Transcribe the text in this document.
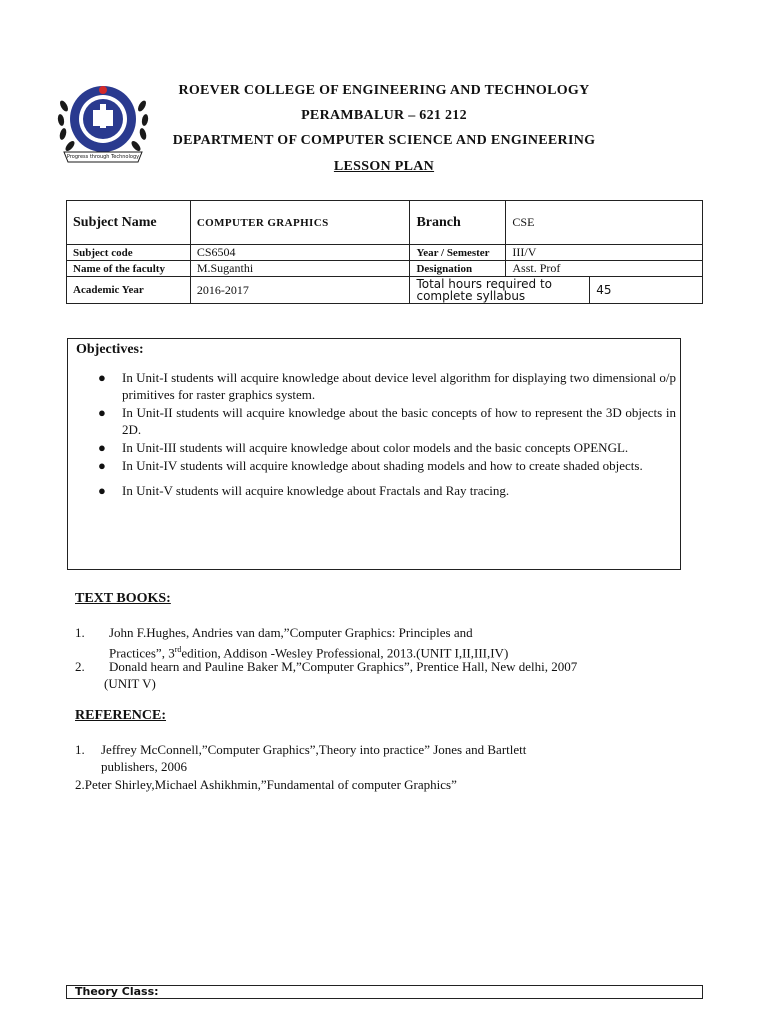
Progress through Technology
ROEVER COLLEGE OF ENGINEERING AND TECHNOLOGY
PERAMBALUR – 621 212
DEPARTMENT OF COMPUTER SCIENCE AND ENGINEERING
LESSON PLAN
Subject Name	COMPUTER GRAPHICS	Branch	CSE	
Subject code	CS6504	Year / Semester	III/V	
Name of the faculty	M.Suganthi	Designation	Asst. Prof	
Academic Year	2016-2017	Total hours required to complete syllabus		45
Objectives:
● In Unit-I students will acquire knowledge about device level algorithm for displaying two dimensional o/p primitives for raster graphics system.
● In Unit-II students will acquire knowledge about the basic concepts of how to represent the 3D objects in 2D.
● In Unit-III students will acquire knowledge about color models and the basic concepts OPENGL.
● In Unit-IV students will acquire knowledge about shading models and how to create shaded objects.
● In Unit-V students will acquire knowledge about Fractals and Ray tracing.
TEXT BOOKS:
1. John F.Hughes, Andries van dam,”Computer Graphics: Principles and
Practices”, 3rdedition, Addison -Wesley Professional, 2013.(UNIT I,II,III,IV)
2. Donald hearn and Pauline Baker M,”Computer Graphics”, Prentice Hall, New delhi, 2007
(UNIT V)
REFERENCE:
1. Jeffrey McConnell,”Computer Graphics”,Theory into practice” Jones and Bartlett
publishers, 2006
2.Peter Shirley,Michael Ashikhmin,”Fundamental of computer Graphics”
Theory Class:
